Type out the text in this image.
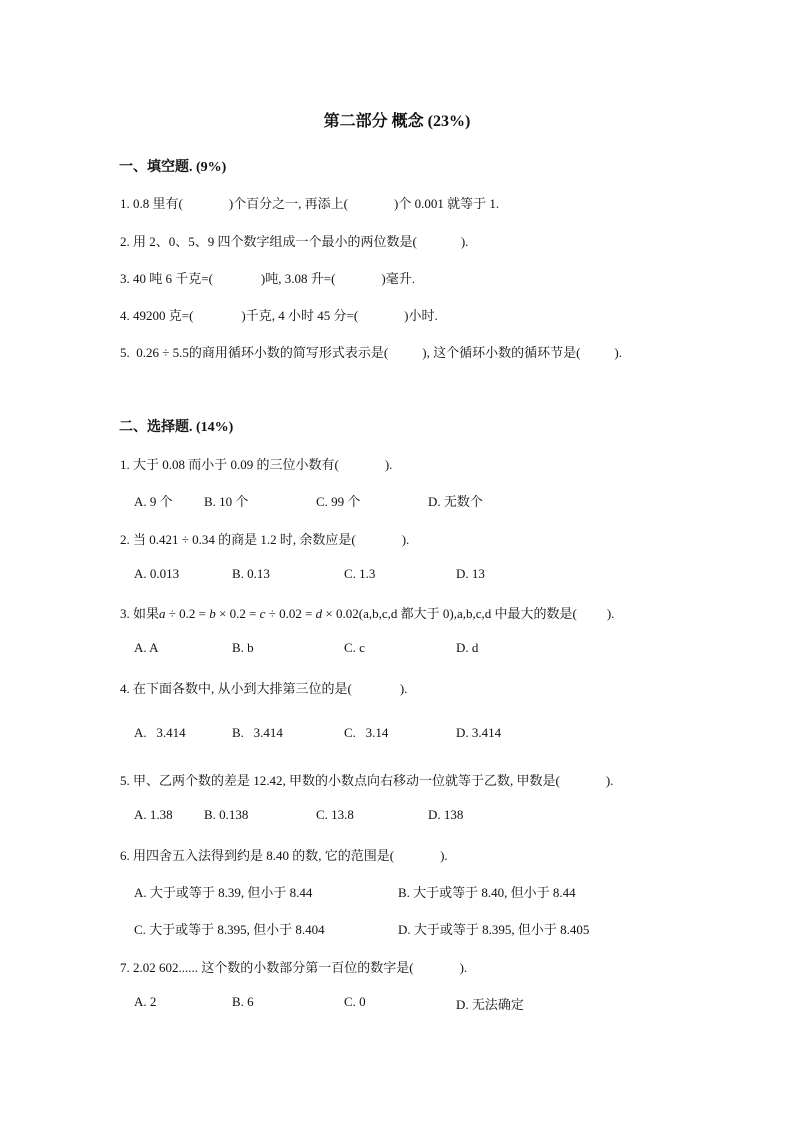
第二部分 概念 (23%)
一、填空题. (9%)
1. 0.8 里有(	)个百分之一, 再添上(	)个 0.001 就等于 1.
2. 用 2、0、5、9 四个数字组成一个最小的两位数是(	).
3. 40 吨 6 千克=(	)吨, 3.08 升=(	)毫升.
4. 49200 克=(	)千克, 4 小时 45 分=(	)小时.
5. 0.26 ÷ 5.5的商用循环小数的简写形式表示是(	), 这个循环小数的循环节是(	).
二、选择题. (14%)
1. 大于 0.08 而小于 0.09 的三位小数有(	).
A. 9 个 B. 10 个	C. 99 个	D. 无数个
2. 当 0.421 ÷ 0.34 的商是 1.2 时, 余数应是(	).
A. 0.013	B. 0.13	C. 1.3	D. 13
3. 如果a ÷ 0.2 = b × 0.2 = c ÷ 0.02 = d × 0.02(a,b,c,d 都大于 0),a,b,c,d 中最大的数是( ).
A. A	B. b	C. c	D. d
4. 在下面各数中, 从小到大排第三位的是(	).
A. 3.414	B. 3.414	C. 3.14	D. 3.414
5. 甲、乙两个数的差是 12.42, 甲数的小数点向右移动一位就等于乙数, 甲数是(	).
A. 1.38 B. 0.138	C. 13.8	D. 138
6. 用四舍五入法得到约是 8.40 的数, 它的范围是(	).
A. 大于或等于 8.39, 但小于 8.44	B. 大于或等于 8.40, 但小于 8.44
C. 大于或等于 8.395, 但小于 8.404	D. 大于或等于 8.395, 但小于 8.405
7. 2.02 602...... 这个数的小数部分第一百位的数字是(	).
A. 2	B. 6	C. 0	D. 无法确定
